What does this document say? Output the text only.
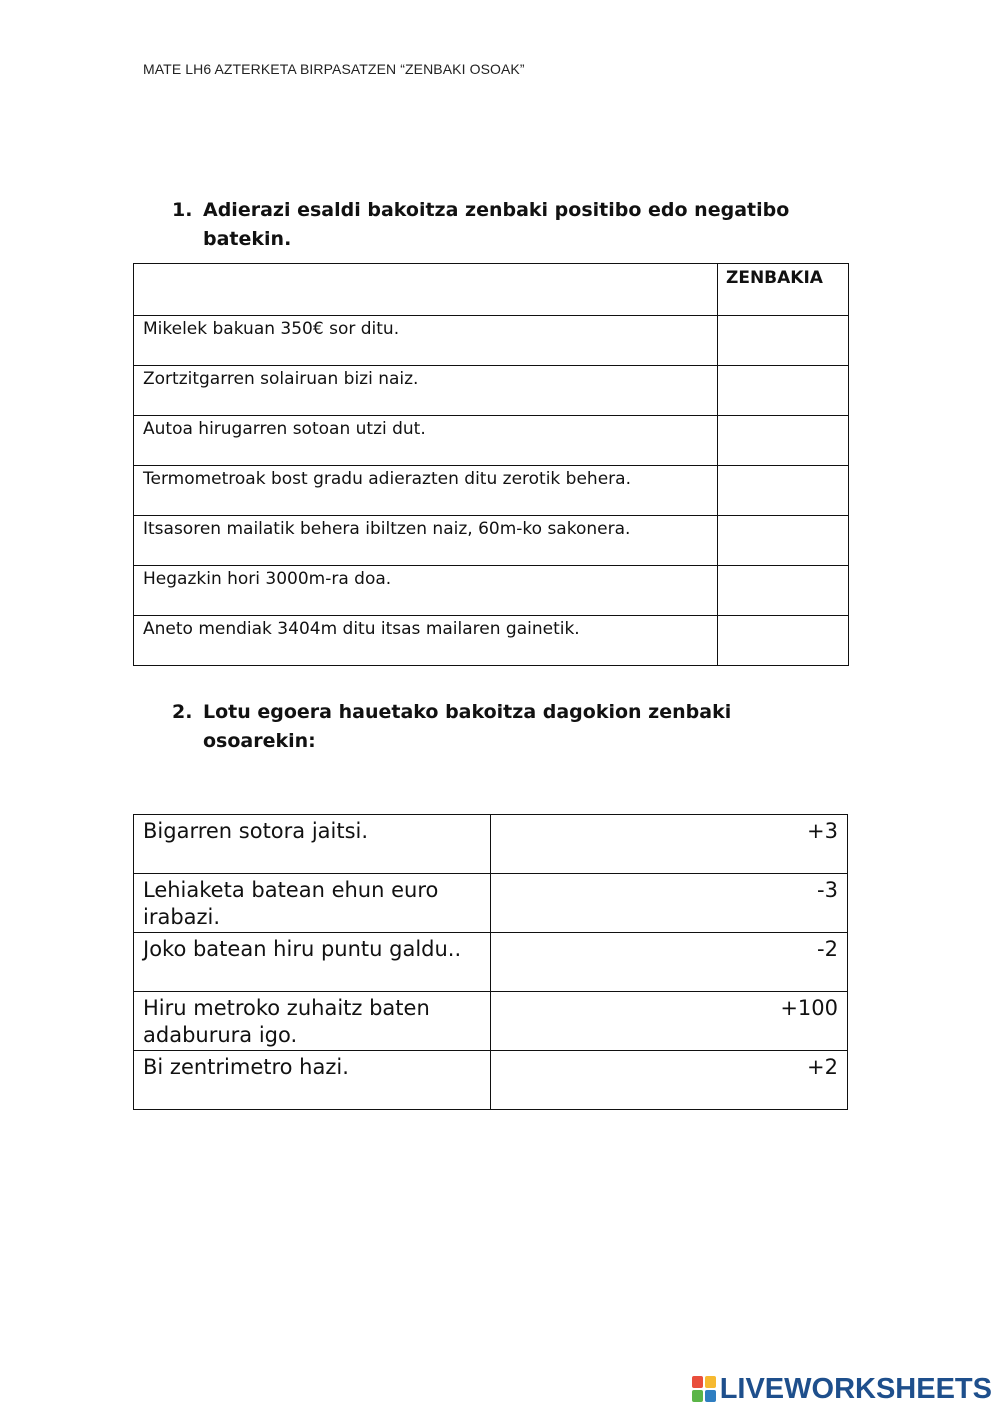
MATE LH6 AZTERKETA BIRPASATZEN “ZENBAKI OSOAK”
1. Adierazi esaldi bakoitza zenbaki positibo edo negatibo batekin.
	ZENBAKIA
Mikelek bakuan 350€ sor ditu.	
Zortzitgarren solairuan bizi naiz.	
Autoa hirugarren sotoan utzi dut.	
Termometroak bost gradu adierazten ditu zerotik behera.	
Itsasoren mailatik behera ibiltzen naiz, 60m-ko sakonera.	
Hegazkin hori 3000m-ra doa.	
Aneto mendiak 3404m ditu itsas mailaren gainetik.	
2. Lotu egoera hauetako bakoitza dagokion zenbaki osoarekin:
Bigarren sotora jaitsi.	+3
Lehiaketa batean ehun euro irabazi.	-3
Joko batean hiru puntu galdu..	-2
Hiru metroko zuhaitz baten adaburura igo.	+100
Bi zentrimetro hazi.	+2
LIVEWORKSHEETS
